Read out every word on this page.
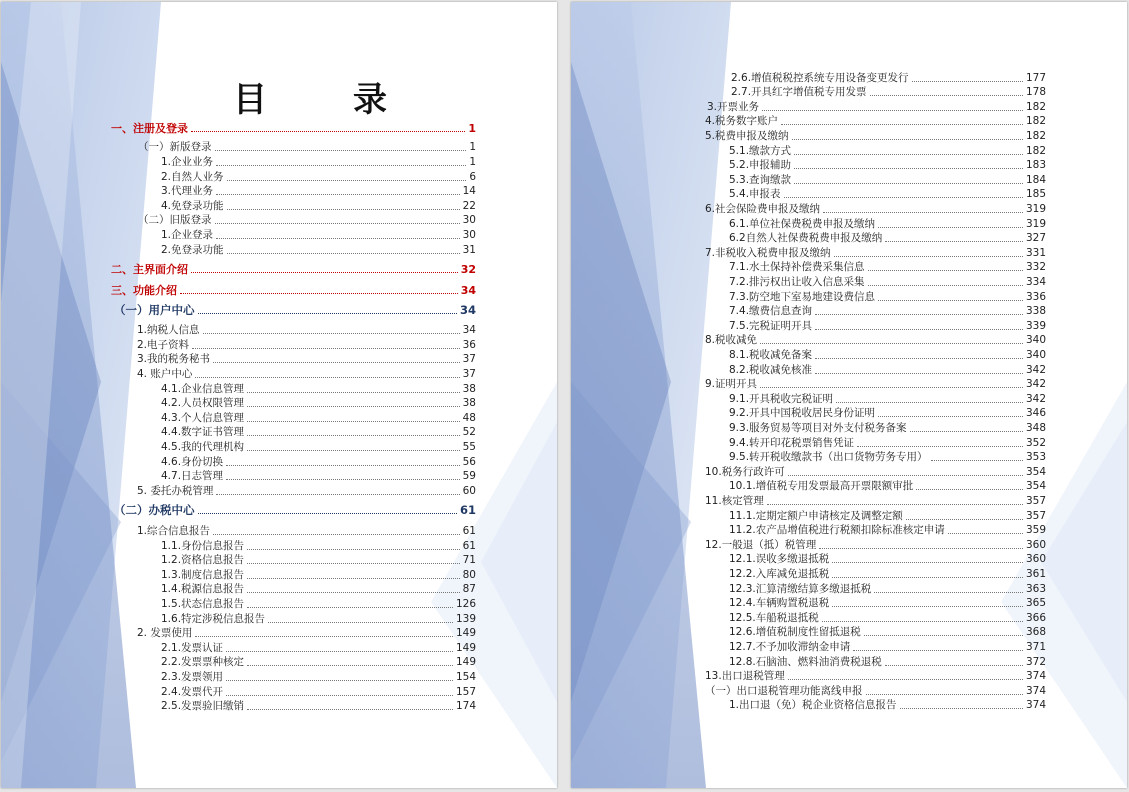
目　录
一、注册及登录	1
（一）新版登录	1
1.企业业务	1
2.自然人业务	6
3.代理业务	14
4.免登录功能	22
（二）旧版登录	30
1.企业登录	30
2.免登录功能	31
二、主界面介绍	32
三、功能介绍	34
（一）用户中心	34
1.纳税人信息	34
2.电子资料	36
3.我的税务秘书	37
4. 账户中心	37
4.1.企业信息管理	38
4.2.人员权限管理	38
4.3.个人信息管理	48
4.4.数字证书管理	52
4.5.我的代理机构	55
4.6.身份切换	56
4.7.日志管理	59
5. 委托办税管理	60
（二）办税中心	61
1.综合信息报告	61
1.1.身份信息报告	61
1.2.资格信息报告	71
1.3.制度信息报告	80
1.4.税源信息报告	87
1.5.状态信息报告	126
1.6.特定涉税信息报告	139
2. 发票使用	149
2.1.发票认证	149
2.2.发票票种核定	149
2.3.发票领用	154
2.4.发票代开	157
2.5.发票验旧缴销	174
2.6.增值税税控系统专用设备变更发行	177
2.7.开具红字增值税专用发票	178
3.开票业务	182
4.税务数字账户	182
5.税费申报及缴纳	182
5.1.缴款方式	182
5.2.申报辅助	183
5.3.查询缴款	184
5.4.申报表	185
6.社会保险费申报及缴纳	319
6.1.单位社保费税费申报及缴纳	319
6.2自然人社保费税费申报及缴纳	327
7.非税收入税费申报及缴纳	331
7.1.水土保持补偿费采集信息	332
7.2.排污权出让收入信息采集	334
7.3.防空地下室易地建设费信息	336
7.4.缴费信息查询	338
7.5.完税证明开具	339
8.税收减免	340
8.1.税收减免备案	340
8.2.税收减免核准	342
9.证明开具	342
9.1.开具税收完税证明	342
9.2.开具中国税收居民身份证明	346
9.3.服务贸易等项目对外支付税务备案	348
9.4.转开印花税票销售凭证	352
9.5.转开税收缴款书（出口货物劳务专用）	353
10.税务行政许可	354
10.1.增值税专用发票最高开票限额审批	354
11.核定管理	357
11.1.定期定额户申请核定及调整定额	357
11.2.农产品增值税进行税额扣除标准核定申请	359
12.一般退（抵）税管理	360
12.1.误收多缴退抵税	360
12.2.入库减免退抵税	361
12.3.汇算清缴结算多缴退抵税	363
12.4.车辆购置税退税	365
12.5.车船税退抵税	366
12.6.增值税制度性留抵退税	368
12.7.不予加收滞纳金申请	371
12.8.石脑油、燃料油消费税退税	372
13.出口退税管理	374
（一）出口退税管理功能离线申报	374
1.出口退（免）税企业资格信息报告	374
